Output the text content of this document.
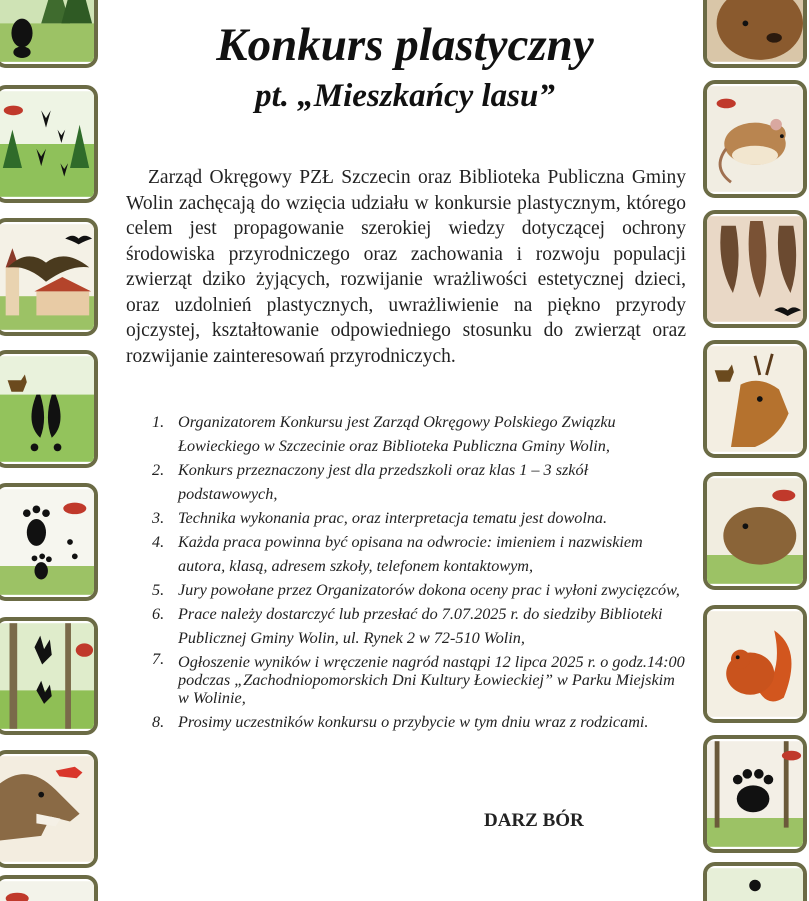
Konkurs plastyczny
pt. „Mieszkańcy lasu”

Zarząd Okręgowy PZŁ Szczecin oraz Biblioteka Publiczna Gminy Wolin zachęcają do wzięcia udziału w konkursie plastycznym, którego celem jest propagowanie szerokiej wiedzy dotyczącej ochrony środowiska przyrodniczego oraz zachowania i rozwoju populacji zwierząt dziko żyjących, rozwijanie wrażliwości estetycznej dzieci, oraz uzdolnień plastycznych, uwrażliwienie na piękno przyrody ojczystej, kształtowanie odpowiedniego stosunku do zwierząt oraz rozwijanie zainteresowań przyrodniczych.

1. Organizatorem Konkursu jest Zarząd Okręgowy Polskiego Związku Łowieckiego w Szczecinie oraz Biblioteka Publiczna Gminy Wolin,
2. Konkurs przeznaczony jest dla przedszkoli oraz klas 1 – 3 szkół podstawowych,
3. Technika wykonania prac, oraz interpretacja tematu jest dowolna.
4. Każda praca powinna być opisana na odwrocie: imieniem i nazwiskiem autora, klasą, adresem szkoły, telefonem kontaktowym,
5. Jury powołane przez Organizatorów dokona oceny prac i wyłoni zwycięzców,
6. Prace należy dostarczyć lub przesłać do 7.07.2025 r. do siedziby Biblioteki Publicznej Gminy Wolin, ul. Rynek 2 w 72-510 Wolin,
7. Ogłoszenie wyników i wręczenie nagród nastąpi 12 lipca 2025 r. o godz.14:00 podczas „Zachodniopomorskich Dni Kultury Łowieckiej” w Parku Miejskim w Wolinie,
8. Prosimy uczestników konkursu o przybycie w tym dniu wraz z rodzicami.

DARZ BÓR
